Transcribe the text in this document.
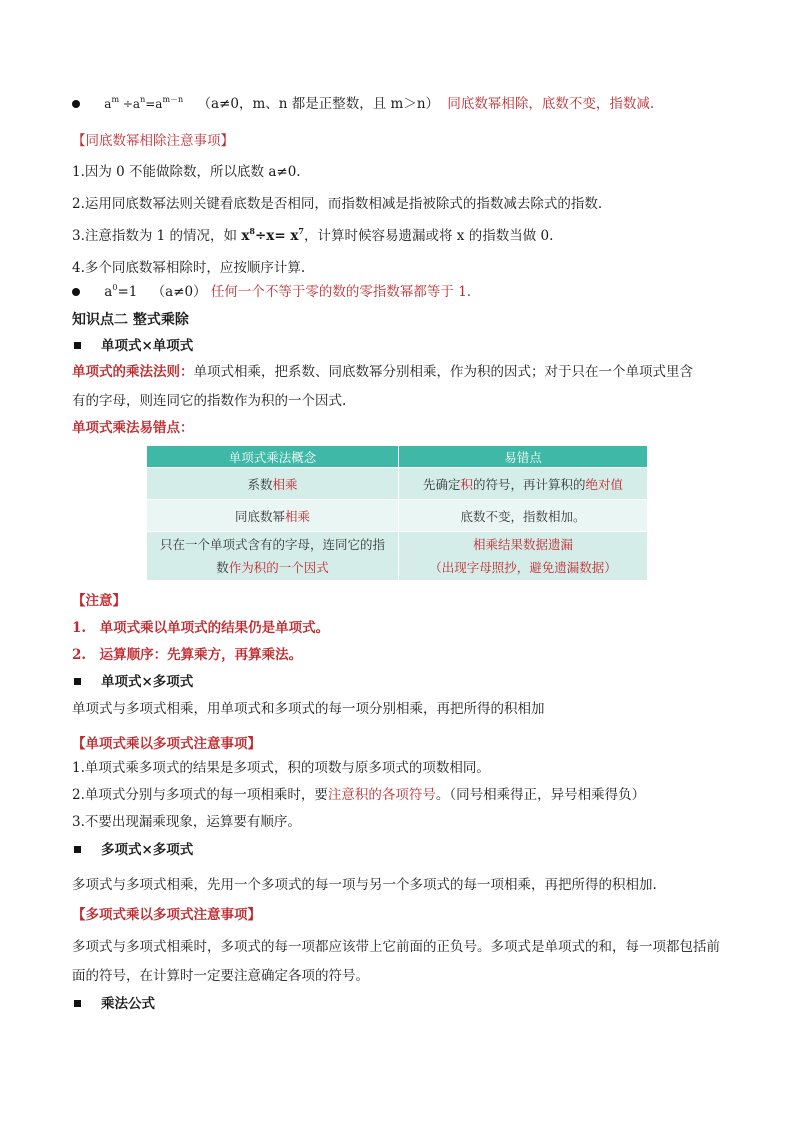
$a^m \div a^n=a^{m-n}$ （a≠0，m、n 都是正整数，且 m＞n） 同底数幂相除，底数不变，指数减.
【同底数幂相除注意事项】
1.因为 0 不能做除数，所以底数 a≠0.
2.运用同底数幂法则关键看底数是否相同，而指数相减是指被除式的指数减去除式的指数.
3.注意指数为 1 的情况，如 $x^8\div x= x^7$，计算时候容易遗漏或将 x 的指数当做 0.
4.多个同底数幂相除时，应按顺序计算.
$a^0=1$ （a≠0） 任何一个不等于零的数的零指数幂都等于 1.
知识点二 整式乘除
单项式×单项式
单项式的乘法法则：单项式相乘，把系数、同底数幂分别相乘，作为积的因式；对于只在一个单项式里含
有的字母，则连同它的指数作为积的一个因式.
单项式乘法易错点：
单项式乘法概念	易错点
系数相乘	先确定积的符号，再计算积的绝对值
同底数幂相乘	底数不变，指数相加。
只在一个单项式含有的字母，连同它的指
数作为积的一个因式	相乘结果数据遗漏
（出现字母照抄，避免遗漏数据）
【注意】
1.　单项式乘以单项式的结果仍是单项式。
2.　运算顺序：先算乘方，再算乘法。
单项式×多项式
单项式与多项式相乘，用单项式和多项式的每一项分别相乘，再把所得的积相加
【单项式乘以多项式注意事项】
1.单项式乘多项式的结果是多项式，积的项数与原多项式的项数相同。
2.单项式分别与多项式的每一项相乘时，要注意积的各项符号。（同号相乘得正，异号相乘得负）
3.不要出现漏乘现象，运算要有顺序。
多项式×多项式
多项式与多项式相乘，先用一个多项式的每一项与另一个多项式的每一项相乘，再把所得的积相加.
【多项式乘以多项式注意事项】
多项式与多项式相乘时，多项式的每一项都应该带上它前面的正负号。多项式是单项式的和，每一项都包括前面的符号，在计算时一定要注意确定各项的符号。
乘法公式
